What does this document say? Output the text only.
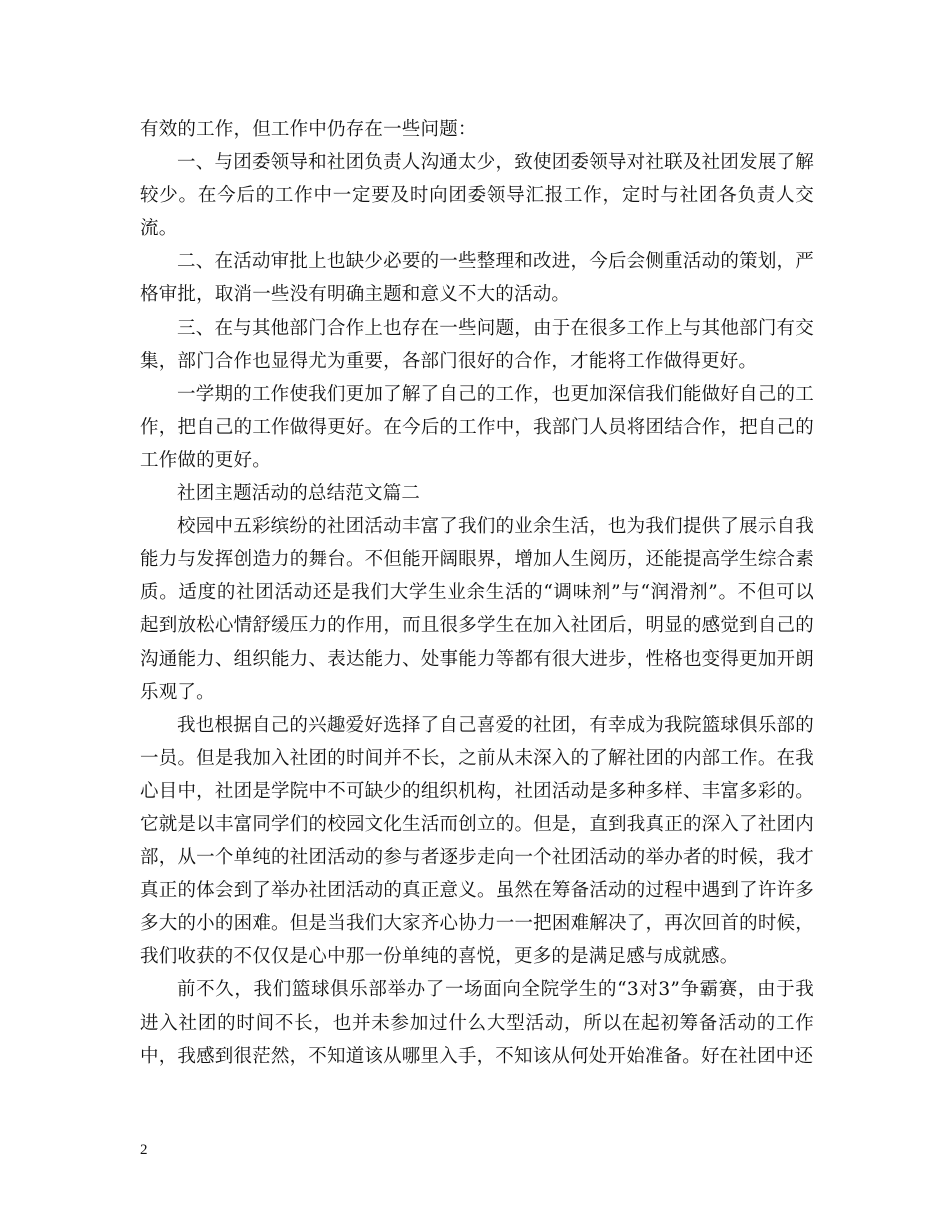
有效的工作，但工作中仍存在一些问题：

一、与团委领导和社团负责人沟通太少，致使团委领导对社联及社团发展了解较少。在今后的工作中一定要及时向团委领导汇报工作，定时与社团各负责人交流。

二、在活动审批上也缺少必要的一些整理和改进，今后会侧重活动的策划，严格审批，取消一些没有明确主题和意义不大的活动。

三、在与其他部门合作上也存在一些问题，由于在很多工作上与其他部门有交集，部门合作也显得尤为重要，各部门很好的合作，才能将工作做得更好。

一学期的工作使我们更加了解了自己的工作，也更加深信我们能做好自己的工作，把自己的工作做得更好。在今后的工作中，我部门人员将团结合作，把自己的工作做的更好。

社团主题活动的总结范文篇二

校园中五彩缤纷的社团活动丰富了我们的业余生活，也为我们提供了展示自我能力与发挥创造力的舞台。不但能开阔眼界，增加人生阅历，还能提高学生综合素质。适度的社团活动还是我们大学生业余生活的“调味剂”与“润滑剂”。不但可以起到放松心情舒缓压力的作用，而且很多学生在加入社团后，明显的感觉到自己的沟通能力、组织能力、表达能力、处事能力等都有很大进步，性格也变得更加开朗乐观了。

我也根据自己的兴趣爱好选择了自己喜爱的社团，有幸成为我院篮球俱乐部的一员。但是我加入社团的时间并不长，之前从未深入的了解社团的内部工作。在我心目中，社团是学院中不可缺少的组织机构，社团活动是多种多样、丰富多彩的。它就是以丰富同学们的校园文化生活而创立的。但是，直到我真正的深入了社团内部，从一个单纯的社团活动的参与者逐步走向一个社团活动的举办者的时候，我才真正的体会到了举办社团活动的真正意义。虽然在筹备活动的过程中遇到了许许多多大的小的困难。但是当我们大家齐心协力一一把困难解决了，再次回首的时候，我们收获的不仅仅是心中那一份单纯的喜悦，更多的是满足感与成就感。

前不久，我们篮球俱乐部举办了一场面向全院学生的“3对3”争霸赛，由于我进入社团的时间不长，也并未参加过什么大型活动，所以在起初筹备活动的工作中，我感到很茫然，不知道该从哪里入手，不知该从何处开始准备。好在社团中还

2
